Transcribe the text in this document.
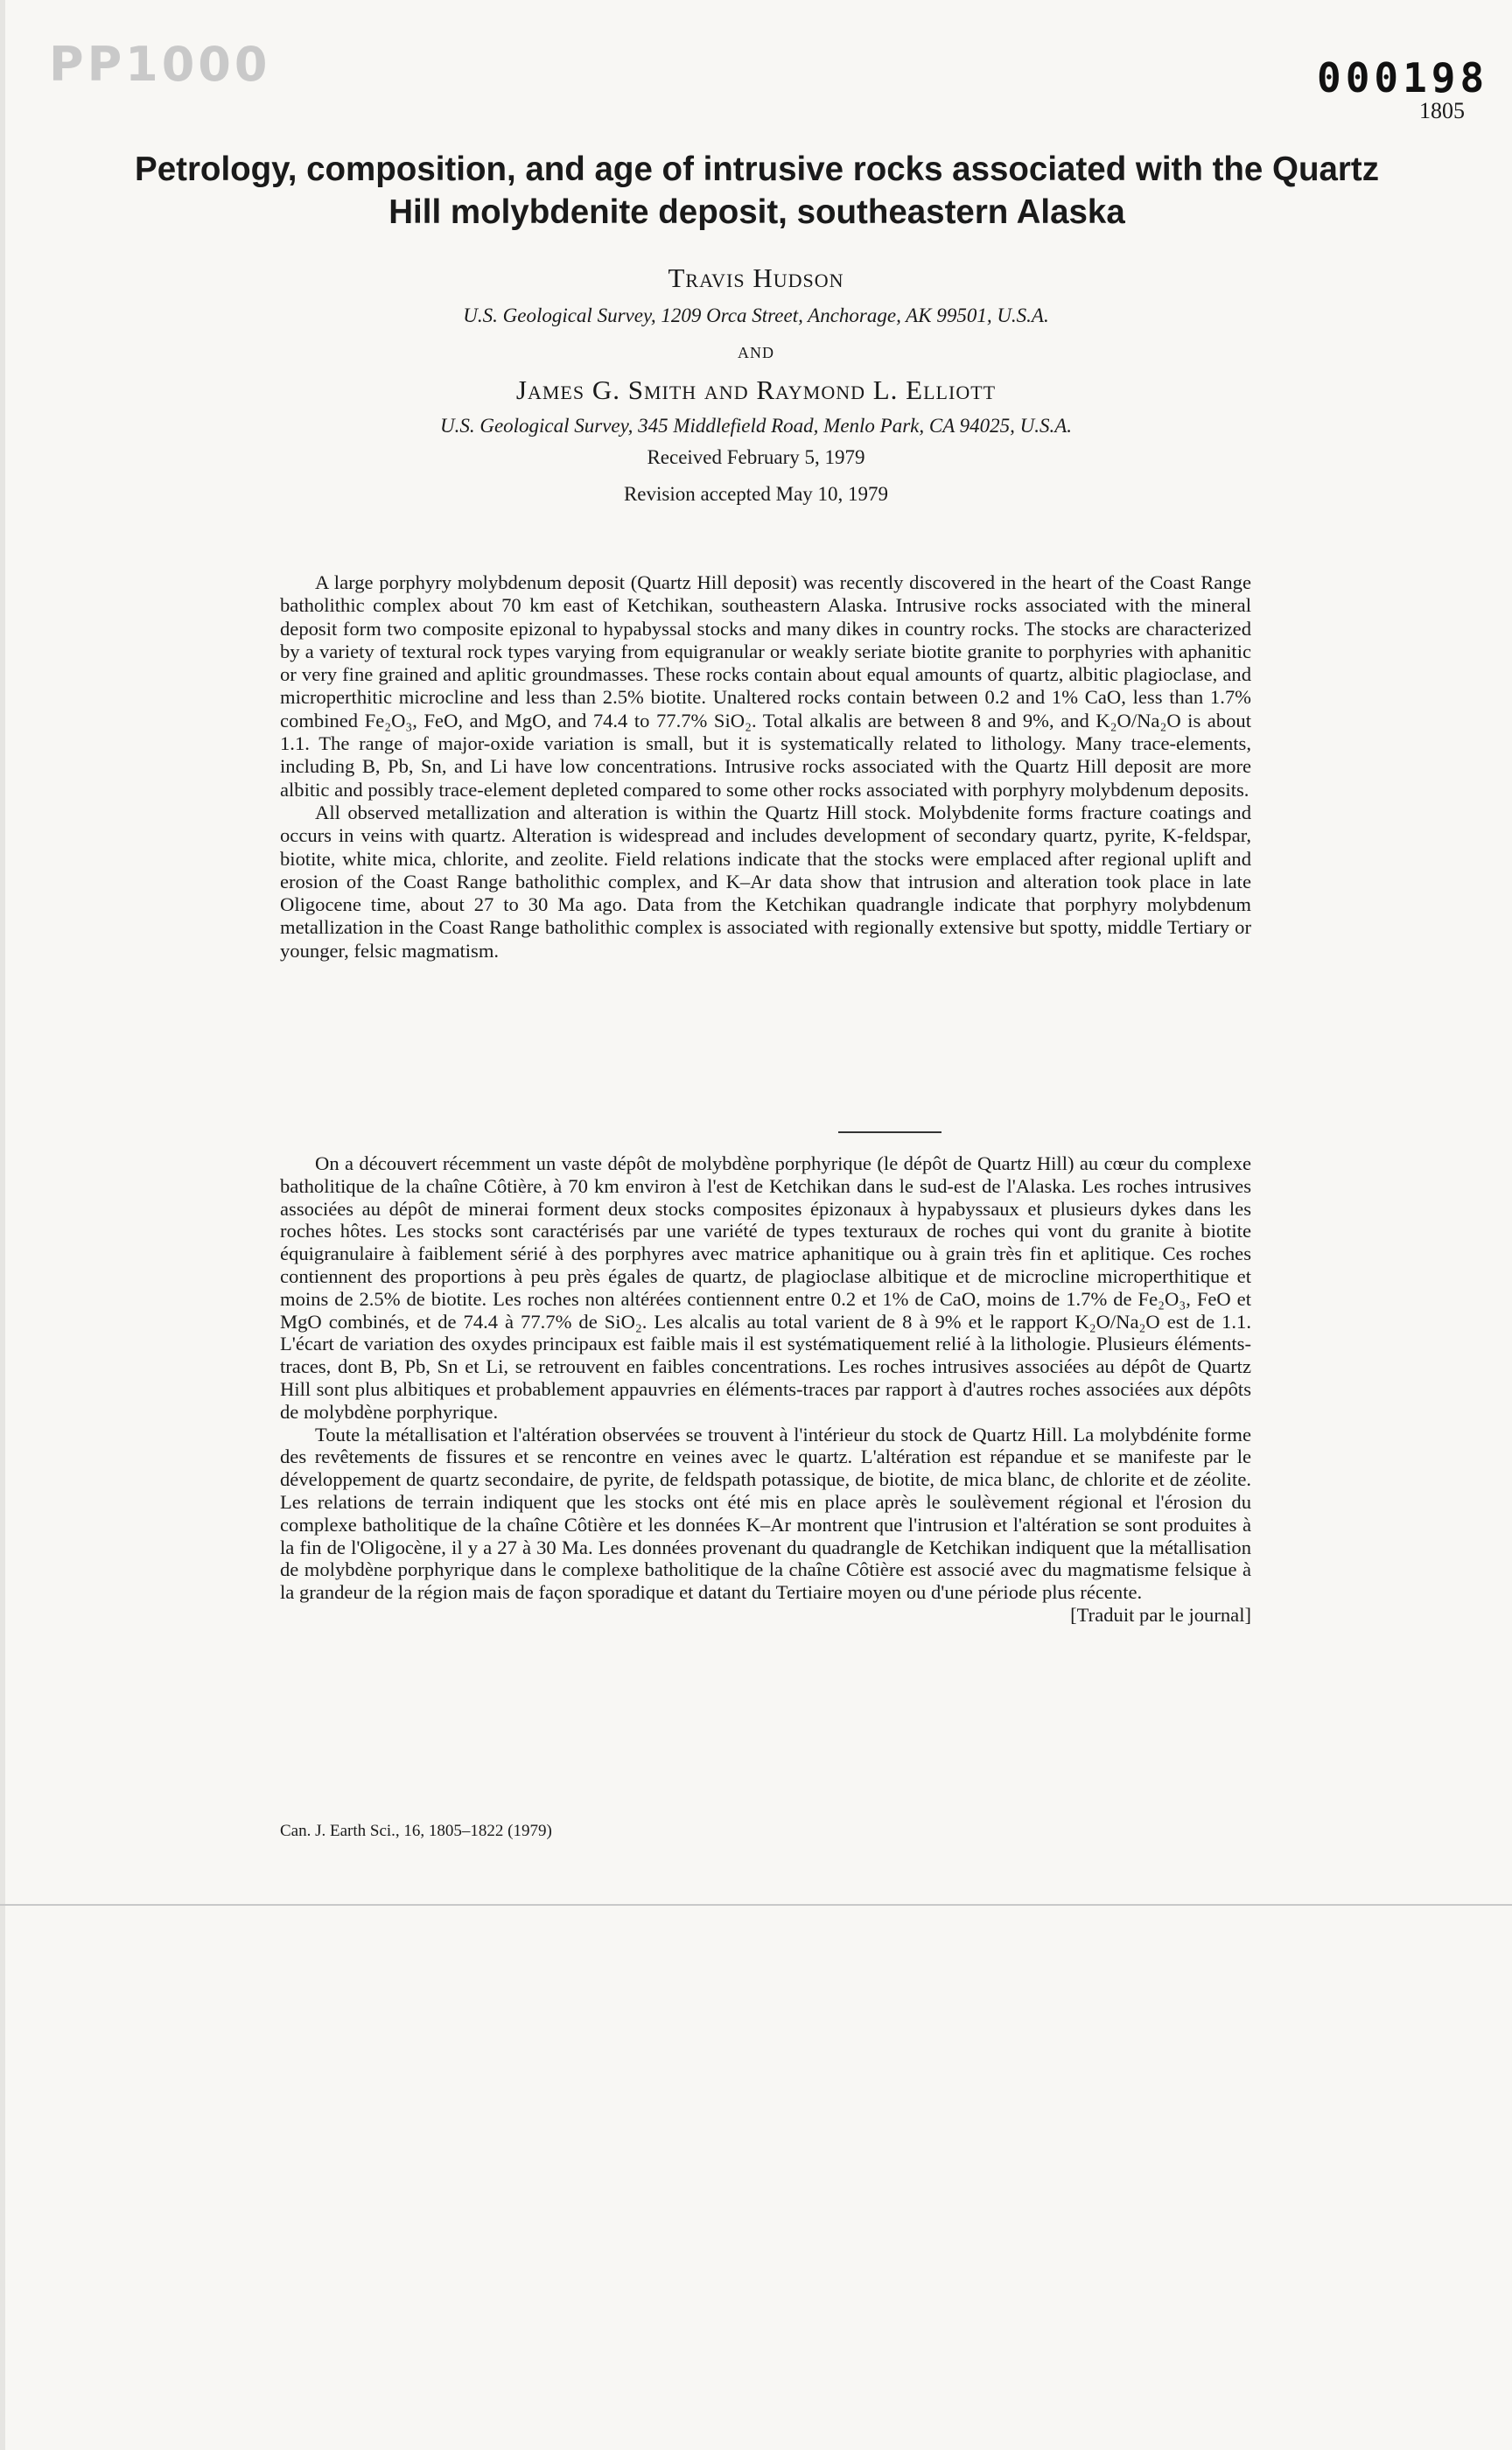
PP1000	000198
1805
Petrology, composition, and age of intrusive rocks associated with the Quartz Hill molybdenite deposit, southeastern Alaska
Travis Hudson
U.S. Geological Survey, 1209 Orca Street, Anchorage, AK 99501, U.S.A.
and
James G. Smith and Raymond L. Elliott
U.S. Geological Survey, 345 Middlefield Road, Menlo Park, CA 94025, U.S.A.
Received February 5, 1979
Revision accepted May 10, 1979

A large porphyry molybdenum deposit (Quartz Hill deposit) was recently discovered in the heart of the Coast Range batholithic complex about 70 km east of Ketchikan, southeastern Alaska. Intrusive rocks associated with the mineral deposit form two composite epizonal to hypabyssal stocks and many dikes in country rocks. The stocks are characterized by a variety of textural rock types varying from equigranular or weakly seriate biotite granite to porphyries with aphanitic or very fine grained and aplitic groundmasses. These rocks contain about equal amounts of quartz, albitic plagioclase, and microperthitic microcline and less than 2.5% biotite. Unaltered rocks contain between 0.2 and 1% CaO, less than 1.7% combined Fe₂O₃, FeO, and MgO, and 74.4 to 77.7% SiO₂. Total alkalis are between 8 and 9%, and K₂O/Na₂O is about 1.1. The range of major-oxide variation is small, but it is systematically related to lithology. Many trace-elements, including B, Pb, Sn, and Li have low concentrations. Intrusive rocks associated with the Quartz Hill deposit are more albitic and possibly trace-element depleted compared to some other rocks associated with porphyry molybdenum deposits.

All observed metallization and alteration is within the Quartz Hill stock. Molybdenite forms fracture coatings and occurs in veins with quartz. Alteration is widespread and includes development of secondary quartz, pyrite, K-feldspar, biotite, white mica, chlorite, and zeolite. Field relations indicate that the stocks were emplaced after regional uplift and erosion of the Coast Range batholithic complex, and K–Ar data show that intrusion and alteration took place in late Oligocene time, about 27 to 30 Ma ago. Data from the Ketchikan quadrangle indicate that porphyry molybdenum metallization in the Coast Range batholithic complex is associated with regionally extensive but spotty, middle Tertiary or younger, felsic magmatism.

On a découvert récemment un vaste dépôt de molybdène porphyrique (le dépôt de Quartz Hill) au cœur du complexe batholitique de la chaîne Côtière, à 70 km environ à l'est de Ketchikan dans le sud-est de l'Alaska. Les roches intrusives associées au dépôt de minerai forment deux stocks composites épizonaux à hypabyssaux et plusieurs dykes dans les roches hôtes. Les stocks sont caractérisés par une variété de types texturaux de roches qui vont du granite à biotite équigranulaire à faiblement sérié à des porphyres avec matrice aphanitique ou à grain très fin et aplitique. Ces roches contiennent des proportions à peu près égales de quartz, de plagioclase albitique et de microcline microperthitique et moins de 2.5% de biotite. Les roches non altérées contiennent entre 0.2 et 1% de CaO, moins de 1.7% de Fe₂O₃, FeO et MgO combinés, et de 74.4 à 77.7% de SiO₂. Les alcalis au total varient de 8 à 9% et le rapport K₂O/Na₂O est de 1.1. L'écart de variation des oxydes principaux est faible mais il est systématiquement relié à la lithologie. Plusieurs éléments-traces, dont B, Pb, Sn et Li, se retrouvent en faibles concentrations. Les roches intrusives associées au dépôt de Quartz Hill sont plus albitiques et probablement appauvries en éléments-traces par rapport à d'autres roches associées aux dépôts de molybdène porphyrique.

Toute la métallisation et l'altération observées se trouvent à l'intérieur du stock de Quartz Hill. La molybdénite forme des revêtements de fissures et se rencontre en veines avec le quartz. L'altération est répandue et se manifeste par le développement de quartz secondaire, de pyrite, de feldspath potassique, de biotite, de mica blanc, de chlorite et de zéolite. Les relations de terrain indiquent que les stocks ont été mis en place après le soulèvement régional et l'érosion du complexe batholitique de la chaîne Côtière et les données K–Ar montrent que l'intrusion et l'altération se sont produites à la fin de l'Oligocène, il y a 27 à 30 Ma. Les données provenant du quadrangle de Ketchikan indiquent que la métallisation de molybdène porphyrique dans le complexe batholitique de la chaîne Côtière est associé avec du magmatisme felsique à la grandeur de la région mais de façon sporadique et datant du Tertiaire moyen ou d'une période plus récente.

[Traduit par le journal]
Can. J. Earth Sci., 16, 1805–1822 (1979)
